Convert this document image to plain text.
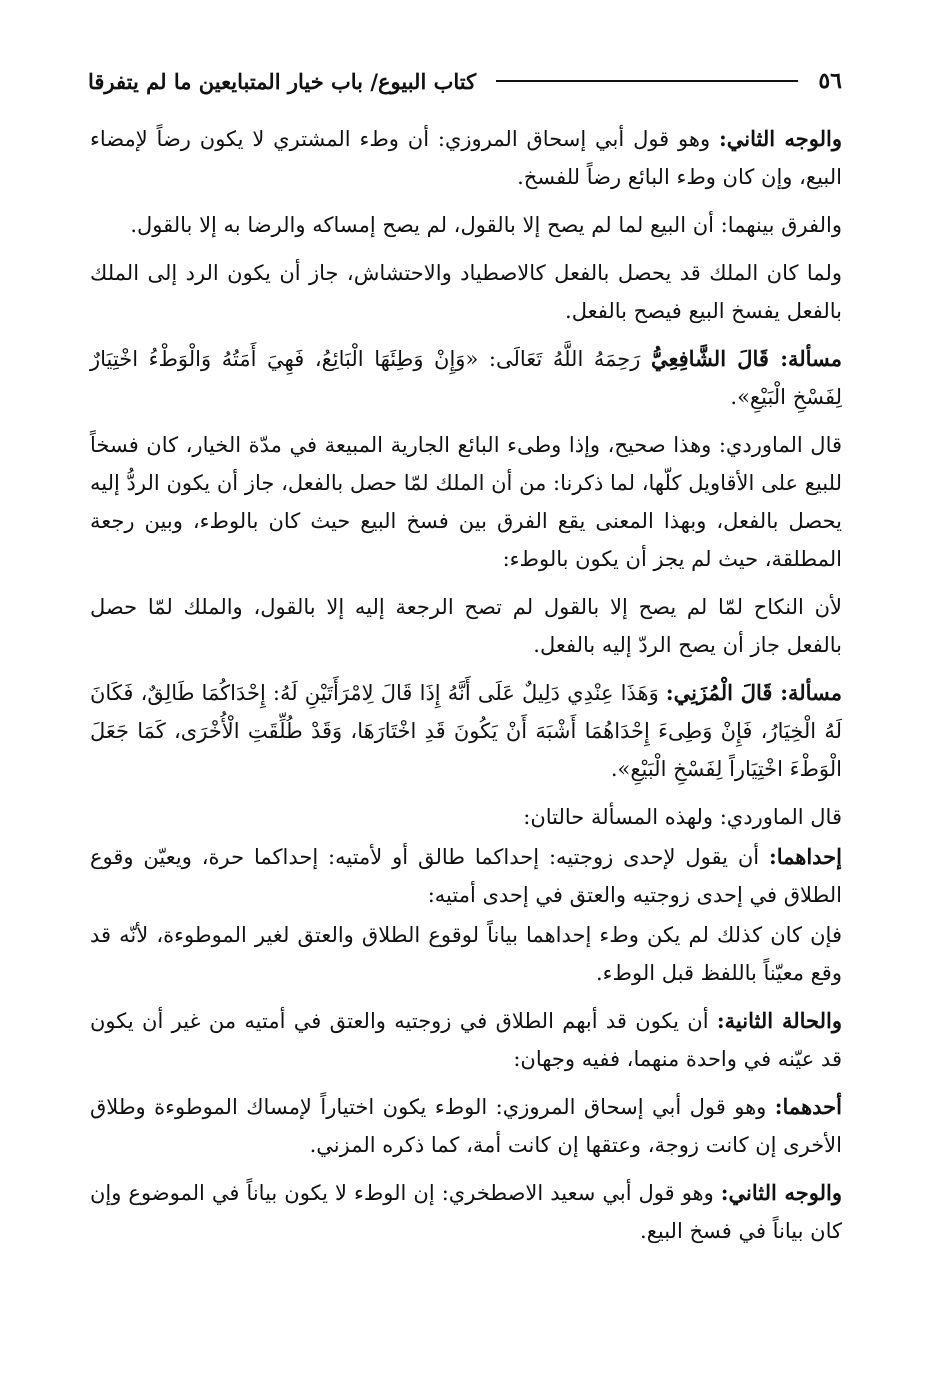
٥٦
كتاب البيوع/ باب خيار المتبايعين ما لم يتفرقا

والوجه الثاني: وهو قول أبي إسحاق المروزي: أن وطء المشتري لا يكون رضاً لإمضاء البيع، وإن كان وطء البائع رضاً للفسخ.

والفرق بينهما: أن البيع لما لم يصح إلا بالقول، لم يصح إمساكه والرضا به إلا بالقول.

ولما كان الملك قد يحصل بالفعل كالاصطياد والاحتشاش، جاز أن يكون الرد إلى الملك بالفعل يفسخ البيع فيصح بالفعل.

مسألة: قَالَ الشَّافِعِيُّ رَحِمَهُ اللَّهُ تَعَالَى: «وَإِنْ وَطِئَهَا الْبَائِعُ، فَهِيَ أَمَتُهُ وَالْوَطْءُ اخْتِيَارٌ لِفَسْخِ الْبَيْعِ».

قال الماوردي: وهذا صحيح، وإذا وطىء البائع الجارية المبيعة في مدّة الخيار، كان فسخاً للبيع على الأقاويل كلّها، لما ذكرنا: من أن الملك لمّا حصل بالفعل، جاز أن يكون الردُّ إليه يحصل بالفعل، وبهذا المعنى يقع الفرق بين فسخ البيع حيث كان بالوطء، وبين رجعة المطلقة، حيث لم يجز أن يكون بالوطء:

لأن النكاح لمّا لم يصح إلا بالقول لم تصح الرجعة إليه إلا بالقول، والملك لمّا حصل بالفعل جاز أن يصح الردّ إليه بالفعل.

مسألة: قَالَ الْمُزَنِي: وَهَذَا عِنْدِي دَلِيلٌ عَلَى أَنَّهُ إِذَا قَالَ لِامْرَأَتَيْنِ لَهُ: إِحْدَاكُمَا طَالِقٌ، فَكَانَ لَهُ الْخِيَارُ، فَإِنْ وَطِىءَ إِحْدَاهُمَا أَشْبَهَ أَنْ يَكُونَ قَدِ اخْتَارَهَا، وَقَدْ طُلِّقَتِ الْأُخْرَى، كَمَا جَعَلَ الْوَطْءَ اخْتِيَاراً لِفَسْخِ الْبَيْعِ».

قال الماوردي: ولهذه المسألة حالتان:

إحداهما: أن يقول لإحدى زوجتيه: إحداكما طالق أو لأمتيه: إحداكما حرة، ويعيّن وقوع الطلاق في إحدى زوجتيه والعتق في إحدى أمتيه:

فإن كان كذلك لم يكن وطء إحداهما بياناً لوقوع الطلاق والعتق لغير الموطوءة، لأنّه قد وقع معيّناً باللفظ قبل الوطء.

والحالة الثانية: أن يكون قد أبهم الطلاق في زوجتيه والعتق في أمتيه من غير أن يكون قد عيّنه في واحدة منهما، ففيه وجهان:

أحدهما: وهو قول أبي إسحاق المروزي: الوطء يكون اختياراً لإمساك الموطوءة وطلاق الأخرى إن كانت زوجة، وعتقها إن كانت أمة، كما ذكره المزني.

والوجه الثاني: وهو قول أبي سعيد الاصطخري: إن الوطء لا يكون بياناً في الموضوع وإن كان بياناً في فسخ البيع.
